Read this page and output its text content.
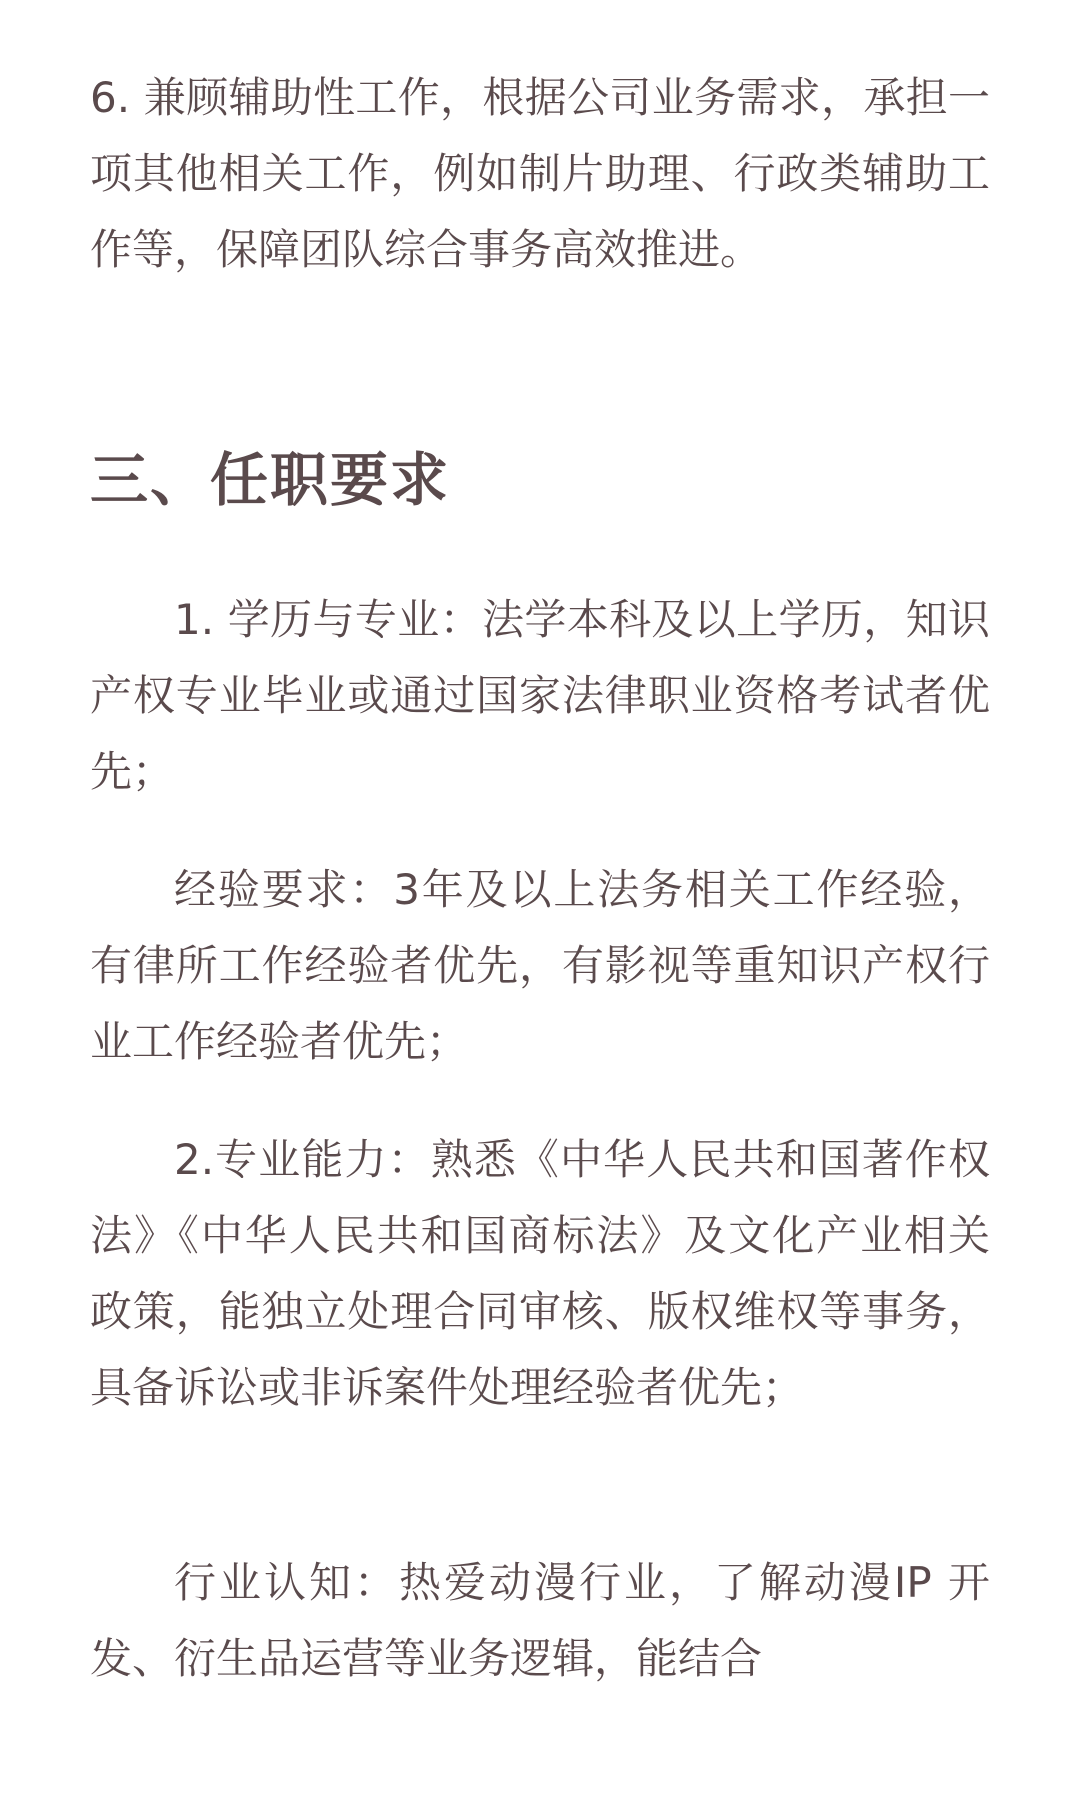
6. 兼顾辅助性工作，根据公司业务需求，承担一项其他相关工作，例如制片助理、行政类辅助工作等，保障团队综合事务高效推进。

三、任职要求

1. 学历与专业：法学本科及以上学历，知识产权专业毕业或通过国家法律职业资格考试者优先；

经验要求：3年及以上法务相关工作经验，有律所工作经验者优先，有影视等重知识产权行业工作经验者优先；

2.专业能力：熟悉《中华人民共和国著作权法》《中华人民共和国商标法》及文化产业相关政策，能独立处理合同审核、版权维权等事务，具备诉讼或非诉案件处理经验者优先；

行业认知：热爱动漫行业，了解动漫IP 开发、衍生品运营等业务逻辑，能结合
